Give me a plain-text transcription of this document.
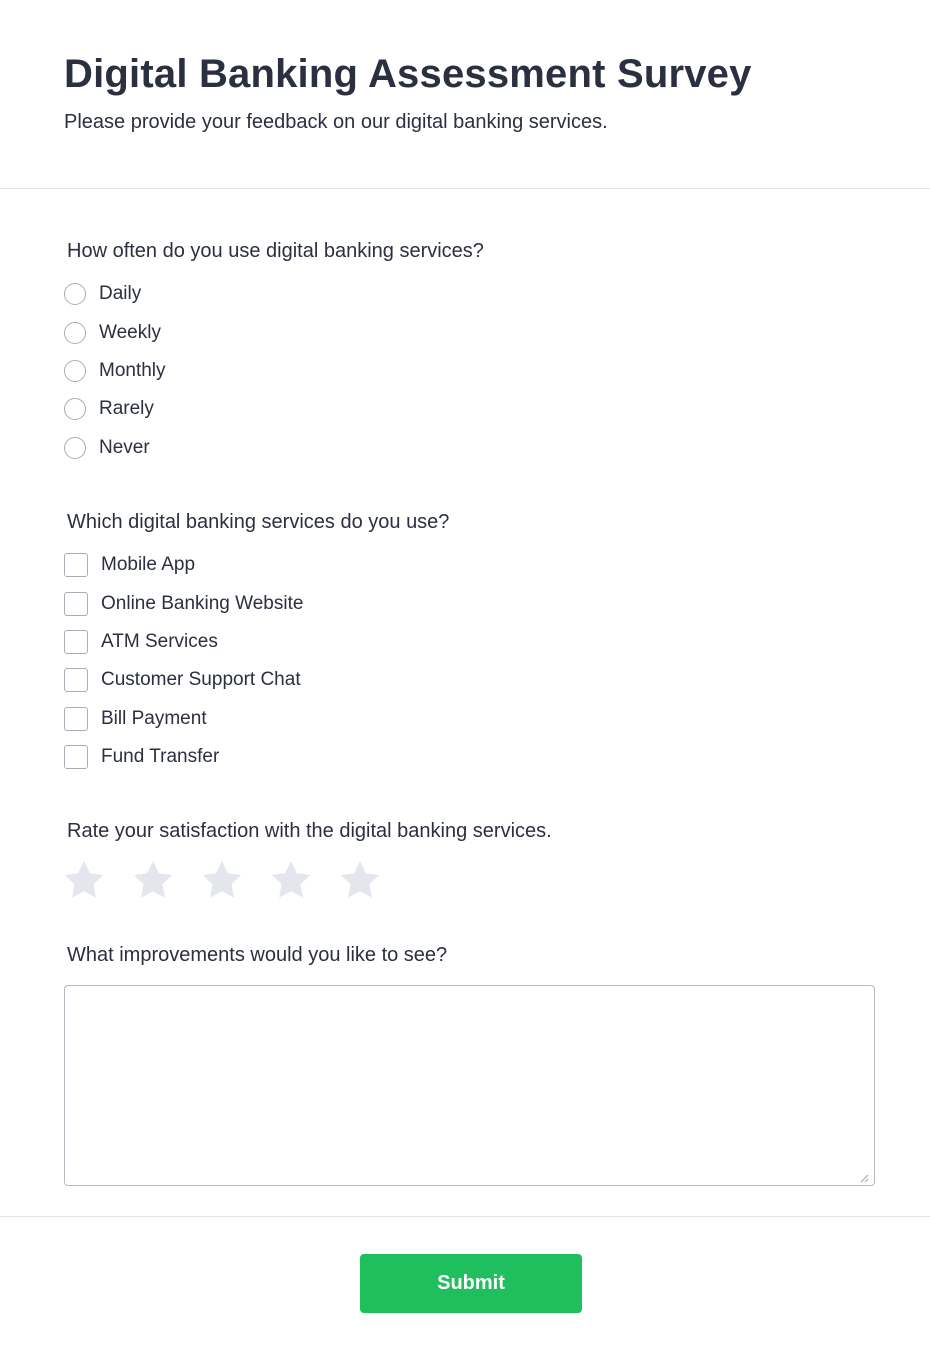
Digital Banking Assessment Survey

Please provide your feedback on our digital banking services.

How often do you use digital banking services?

Daily
Weekly
Monthly
Rarely
Never

Which digital banking services do you use?

Mobile App
Online Banking Website
ATM Services
Customer Support Chat
Bill Payment
Fund Transfer

Rate your satisfaction with the digital banking services.

What improvements would you like to see?

Submit
